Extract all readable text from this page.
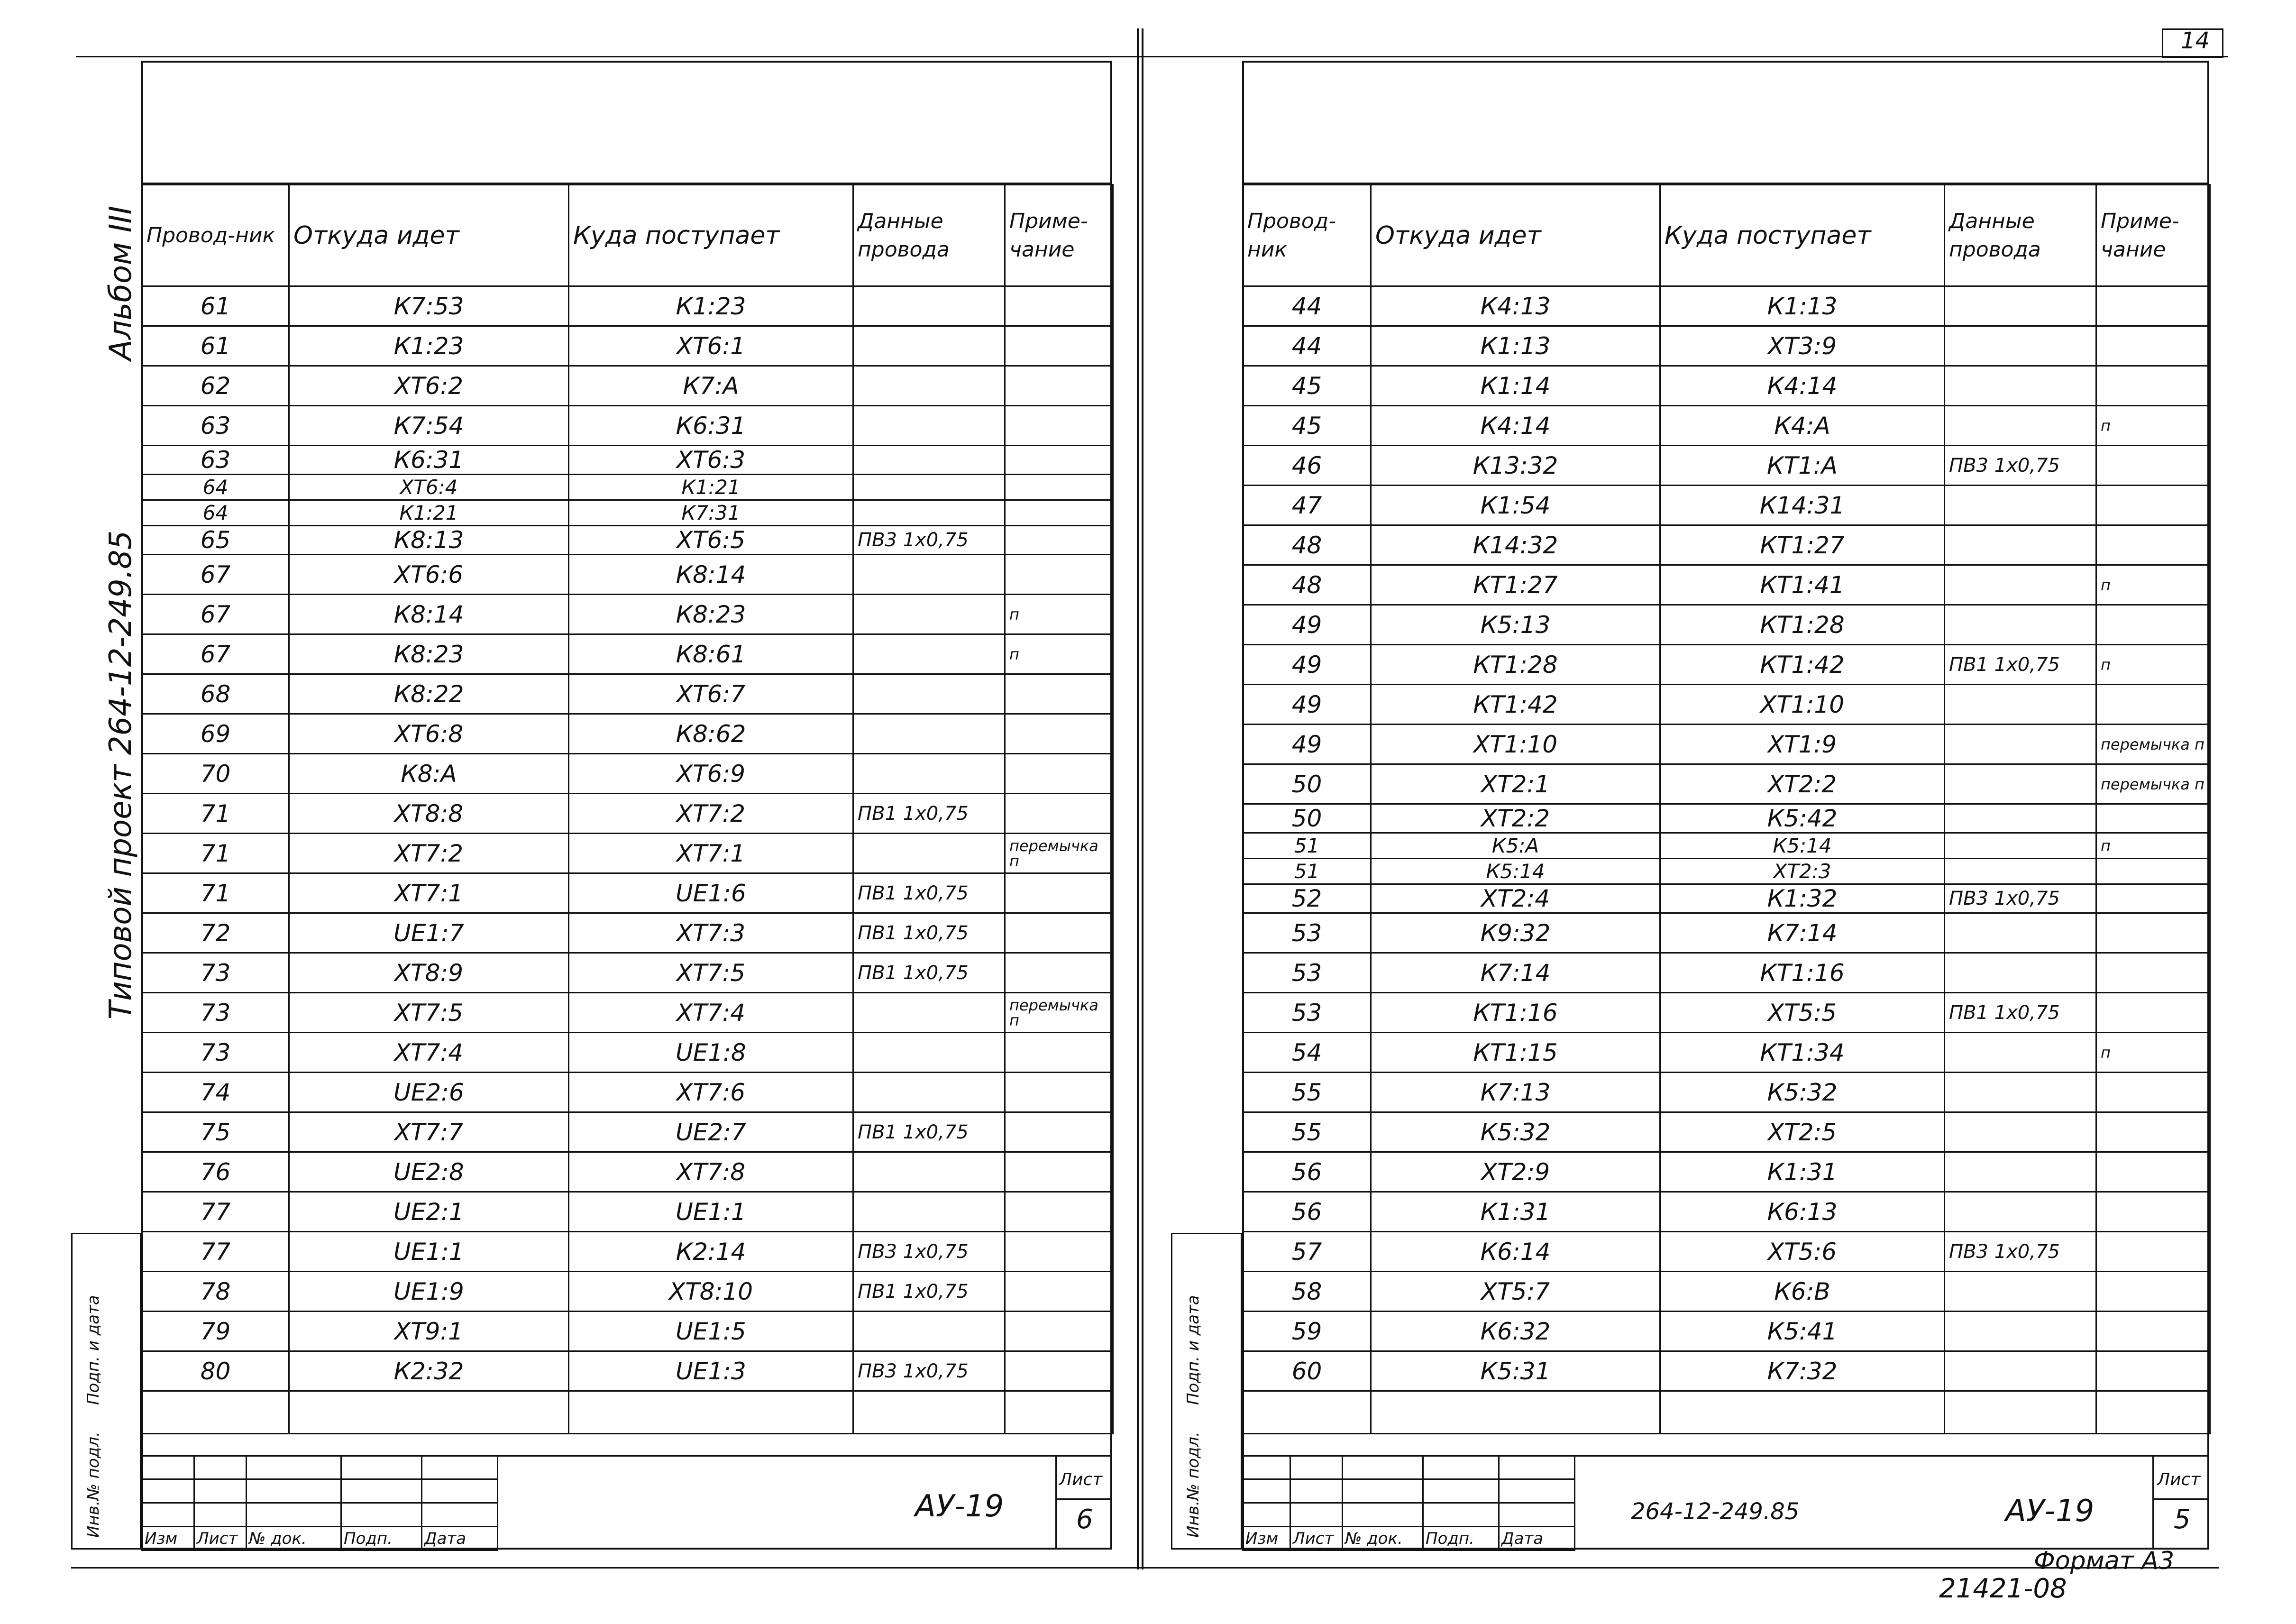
Альбом III
Типовой проект 264-12-249.85
Провод-ник	Откуда идет	Куда поступает	Данные провода	Приме-чание
61	К7:53	К1:23		
61	К1:23	ХТ6:1		
62	ХТ6:2	К7:А		
63	К7:54	К6:31		
63	К6:31	ХТ6:3		
64	ХТ6:4	К1:21		
64	К1:21	К7:31		
65	К8:13	ХТ6:5	ПВ3 1х0,75	
67	ХТ6:6	К8:14		
67	К8:14	К8:23		п
67	К8:23	К8:61		п
68	К8:22	ХТ6:7		
69	ХТ6:8	К8:62		
70	К8:А	ХТ6:9		
71	ХТ8:8	ХТ7:2	ПВ1 1х0,75	
71	ХТ7:2	ХТ7:1		перемычка п
71	ХТ7:1	UE1:6	ПВ1 1х0,75	
72	UE1:7	ХТ7:3	ПВ1 1х0,75	
73	ХТ8:9	ХТ7:5	ПВ1 1х0,75	
73	ХТ7:5	ХТ7:4		перемычка п
73	ХТ7:4	UE1:8		
74	UE2:6	ХТ7:6		
75	ХТ7:7	UE2:7	ПВ1 1х0,75	
76	UE2:8	ХТ7:8		
77	UE2:1	UE1:1		
77	UE1:1	К2:14	ПВ3 1х0,75	
78	UE1:9	ХТ8:10	ПВ1 1х0,75	
79	ХТ9:1	UE1:5		
80	К2:32	UE1:3	ПВ3 1х0,75	

Инв.№ подл.
Подп. и дата

Изм	Лист	№ док.	Подп.	Дата
АУ-19
Лист
6
14
Провод-ник	Откуда идет	Куда поступает	Данные провода	Приме-чание
44	К4:13	К1:13		
44	К1:13	ХТ3:9		
45	К1:14	К4:14		
45	К4:14	К4:А		п
46	К13:32	КТ1:А	ПВ3 1х0,75	
47	К1:54	К14:31		
48	К14:32	КТ1:27		
48	КТ1:27	КТ1:41		п
49	К5:13	КТ1:28		
49	КТ1:28	КТ1:42	ПВ1 1х0,75	п
49	КТ1:42	ХТ1:10		
49	ХТ1:10	ХТ1:9		перемычка п
50	ХТ2:1	ХТ2:2		перемычка п
50	ХТ2:2	К5:42		
51	К5:А	К5:14		п
51	К5:14	ХТ2:3		
52	ХТ2:4	К1:32	ПВ3 1х0,75	
53	К9:32	К7:14		
53	К7:14	КТ1:16		
53	КТ1:16	ХТ5:5	ПВ1 1х0,75	
54	КТ1:15	КТ1:34		п
55	К7:13	К5:32		
55	К5:32	ХТ2:5		
56	ХТ2:9	К1:31		
56	К1:31	К6:13		
57	К6:14	ХТ5:6	ПВ3 1х0,75	
58	ХТ5:7	К6:В		
59	К6:32	К5:41		
60	К5:31	К7:32		

Инв.№ подл.
Подп. и дата

Изм	Лист	№ док.	Подп.	Дата
264-12-249.85	АУ-19
Лист
5
Формат А3
21421-08
